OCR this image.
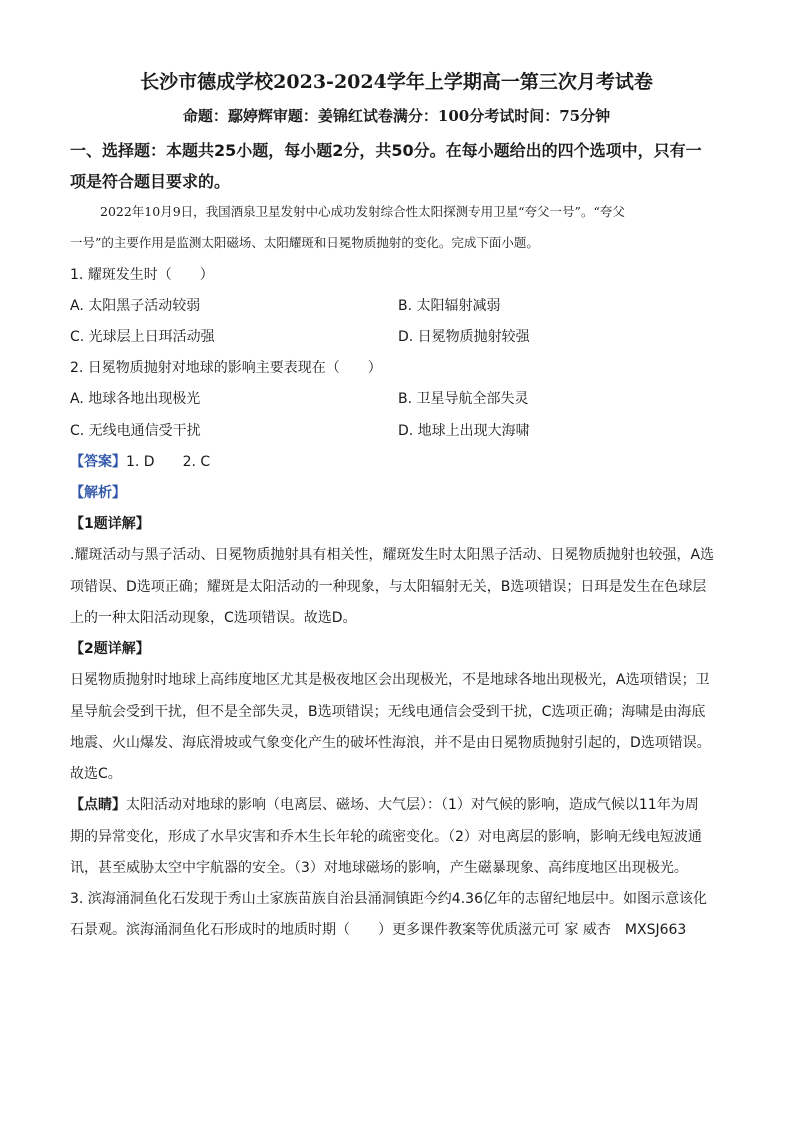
长沙市德成学校2023-2024学年上学期高一第三次月考试卷
命题：鄢婷辉审题：姜锦红试卷满分：100分考试时间：75分钟
一、选择题：本题共25小题，每小题2分，共50分。在每小题给出的四个选项中，只有一
项是符合题目要求的。
2022年10月9日，我国酒泉卫星发射中心成功发射综合性太阳探测专用卫星“夸父一号”。“夸父
一号”的主要作用是监测太阳磁场、太阳耀斑和日冕物质抛射的变化。完成下面小题。
1. 耀斑发生时（　　）
A. 太阳黑子活动较弱	B. 太阳辐射减弱
C. 光球层上日珥活动强	D. 日冕物质抛射较强
2. 日冕物质抛射对地球的影响主要表现在（　　）
A. 地球各地出现极光	B. 卫星导航全部失灵
C. 无线电通信受干扰	D. 地球上出现大海啸
【答案】1. D　　2. C
【解析】
【1题详解】
.耀斑活动与黑子活动、日冕物质抛射具有相关性，耀斑发生时太阳黑子活动、日冕物质抛射也较强，A选
项错误、D选项正确；耀斑是太阳活动的一种现象，与太阳辐射无关，B选项错误；日珥是发生在色球层
上的一种太阳活动现象，C选项错误。故选D。
【2题详解】
日冕物质抛射时地球上高纬度地区尤其是极夜地区会出现极光，不是地球各地出现极光，A选项错误；卫
星导航会受到干扰，但不是全部失灵，B选项错误；无线电通信会受到干扰，C选项正确；海啸是由海底
地震、火山爆发、海底滑坡或气象变化产生的破坏性海浪，并不是由日冕物质抛射引起的，D选项错误。
故选C。
【点睛】太阳活动对地球的影响（电离层、磁场、大气层）：（1）对气候的影响，造成气候以11年为周
期的异常变化，形成了水旱灾害和乔木生长年轮的疏密变化。（2）对电离层的影响，影响无线电短波通
讯，甚至威胁太空中宇航器的安全。（3）对地球磁场的影响，产生磁暴现象、高纬度地区出现极光。
3. 滨海涌洞鱼化石发现于秀山土家族苗族自治县涌洞镇距今约4.36亿年的志留纪地层中。如图示意该化
石景观。滨海涌洞鱼化石形成时的地质时期（　　）更多课件教案等优质滋元可 家 威杏　MXSJ663
